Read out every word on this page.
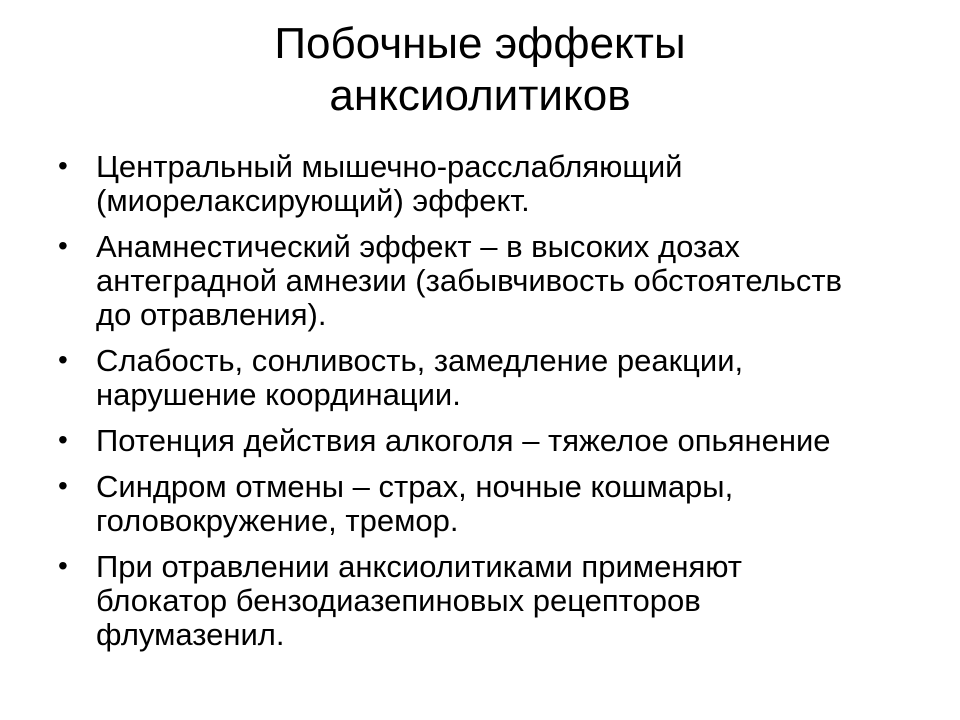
Побочные эффекты
анксиолитиков
• Центральный мышечно-расслабляющий
(миорелаксирующий) эффект.
• Анамнестический эффект – в высоких дозах
антеградной амнезии (забывчивость обстоятельств
до отравления).
• Слабость, сонливость, замедление реакции,
нарушение координации.
• Потенция действия алкоголя – тяжелое опьянение
• Синдром отмены – страх, ночные кошмары,
головокружение, тремор.
• При отравлении анксиолитиками применяют
блокатор бензодиазепиновых рецепторов
флумазенил.
